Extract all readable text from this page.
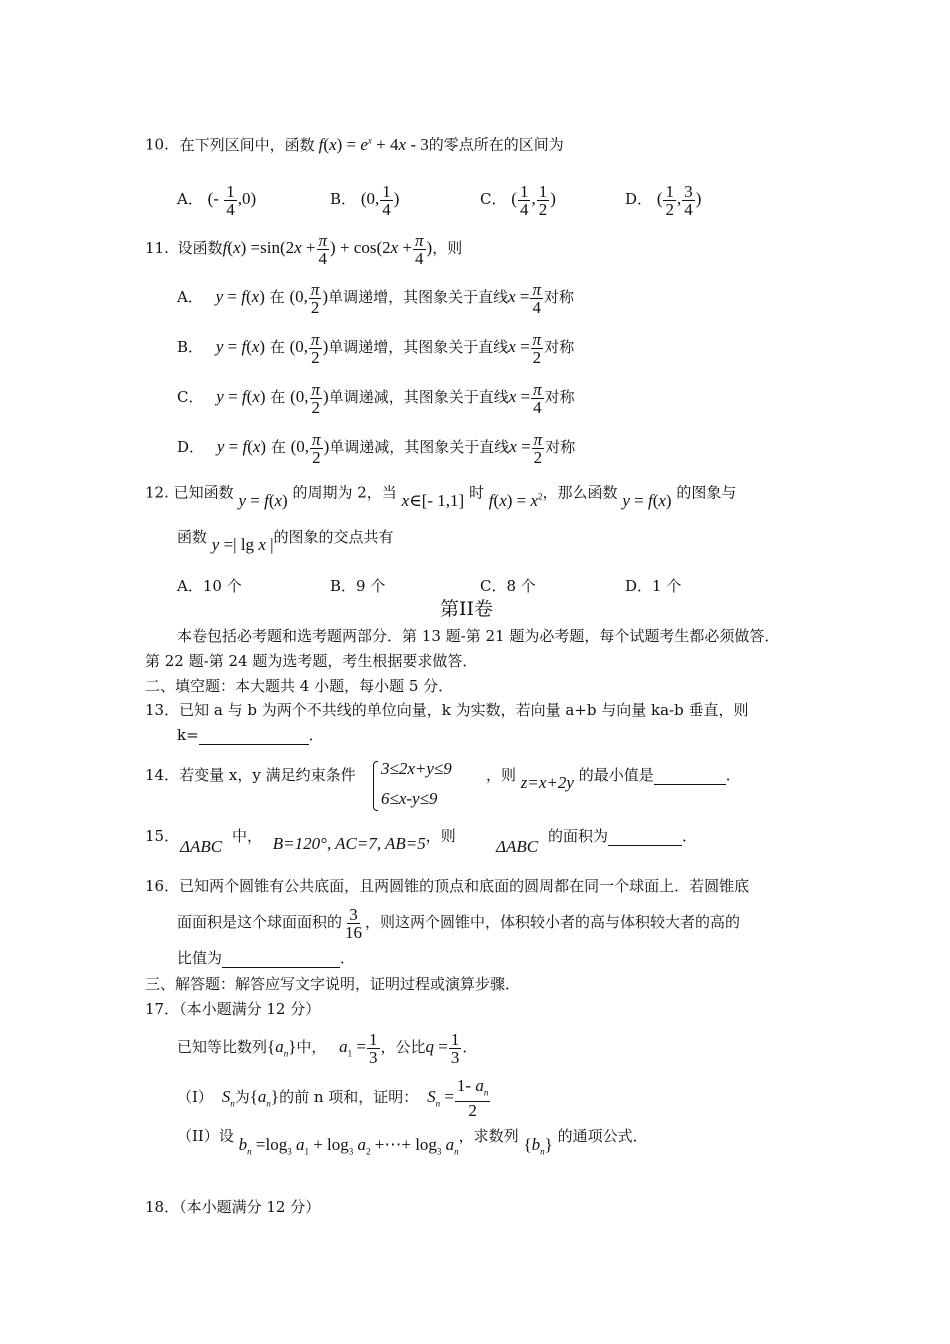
10. 在下列区间中，函数 $f(x) = e^x + 4x - 3$的零点所在的区间为
A． (- $\frac{1}{4} ,0$)	B． (0, $\frac{1}{4}$ )	C． ( $\frac{1}{4}$ , $\frac{1}{2}$ )	D． ( $\frac{1}{2}$ , $\frac{3}{4}$ )
11. 设函数$f(x) =\sin(2x + \frac{\pi}{4}$ ) + $\cos(2x + \frac{\pi}{4}$ )，则
A． y = f(x) 在 (0, $\frac{\pi}{2}$ )单调递增，其图象关于直线$x = \frac{\pi}{4}$ 对称
B． y = f(x) 在 (0, $\frac{\pi}{2}$ )单调递增，其图象关于直线$x = \frac{\pi}{2}$ 对称
C． y = f(x) 在 (0, $\frac{\pi}{2}$ )单调递减，其图象关于直线$x = \frac{\pi}{4}$ 对称
D． y = f(x) 在 (0, $\frac{\pi}{2}$ )单调递减，其图象关于直线$x = \frac{\pi}{2}$ 对称
12. 已知函数 y = f(x) 的周期为 2，当 x∈[- 1,1] 时 $f(x) = x^2$，那么函数 y = f(x) 的图象与
函数 y =| lg x |的图象的交点共有
A．10 个	B．9 个	C．8 个	D．1 个
第II卷
本卷包括必考题和选考题两部分．第 13 题-第 21 题为必考题，每个试题考生都必须做答．
第 22 题-第 24 题为选考题，考生根据要求做答．
二、填空题：本大题共 4 小题，每小题 5 分．
13．已知 a 与 b 为两个不共线的单位向量，k 为实数，若向量 a+b 与向量 ka-b 垂直，则
k=	．
14．若变量 x，y 满足约束条件 3≤2x+y≤9
6≤x-y≤9
，则 z=x+2y 的最小值是	．
15．
ΔABC
中， B=120°, AC=7, AB=5，则
ΔABC
的面积为	．
16．已知两个圆锥有公共底面，且两圆锥的顶点和底面的圆周都在同一个球面上．若圆锥底
面面积是这个球面面积的 $\frac{3}{16}$ ，则这两个圆锥中，体积较小者的高与体积较大者的高的
比值为	．
三、解答题：解答应写文字说明，证明过程或演算步骤．
17．（本小题满分 12 分）
已知等比数列$\{a_n\}$中， $a_1 = \frac{1}{3}$ ，公比$q = \frac{1}{3}$ ．
（I） $S_n$为$\{a_n\}$的前 n 项和，证明： $S_n = \frac{1- a_n}{2}$
（II）设 $b_n =\log_3$ $a_1 + \log_3 a_2$ +⋯+ $\log_3 a_n$，求数列 $\{b_n\}$ 的通项公式．
18．（本小题满分 12 分）
